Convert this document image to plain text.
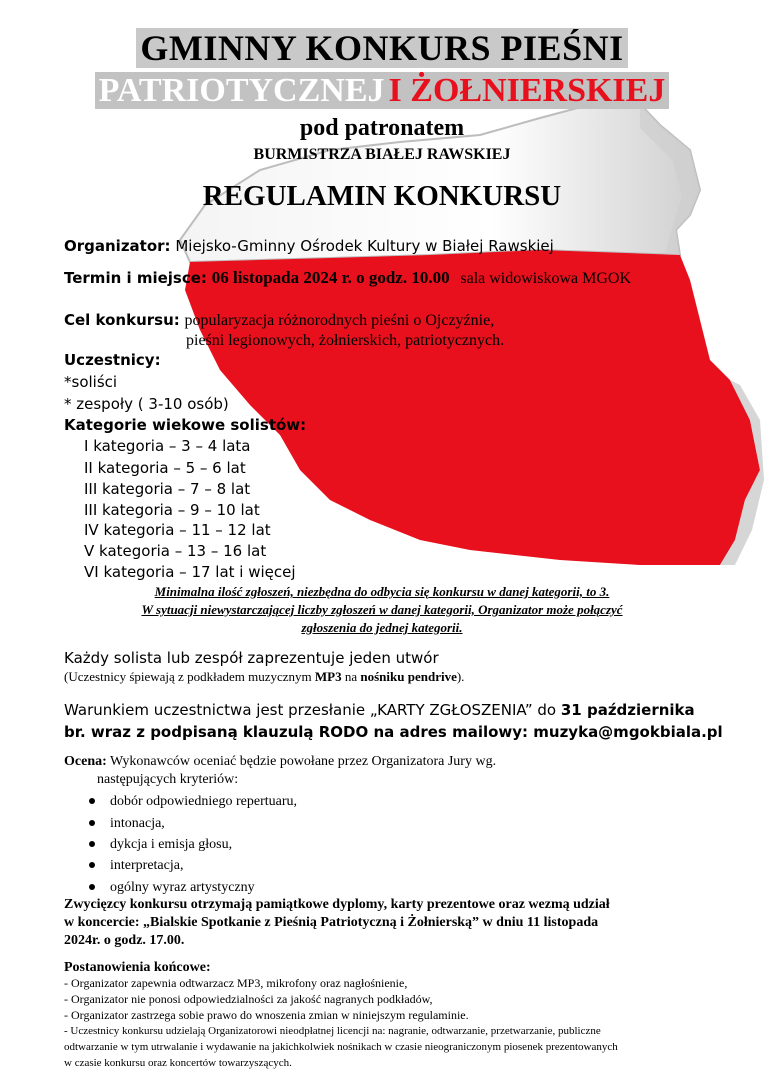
GMINNY KONKURS PIEŚNI
PATRIOTYCZNEJ I ŻOŁNIERSKIEJ
pod patronatem
BURMISTRZA BIAŁEJ RAWSKIEJ
REGULAMIN KONKURSU
Organizator: Miejsko-Gminny Ośrodek Kultury w Białej Rawskiej
Termin i miejsce: 06 listopada 2024 r. o godz. 10.00 sala widowiskowa MGOK
Cel konkursu: popularyzacja różnorodnych pieśni o Ojczyźnie,
pieśni legionowych, żołnierskich, patriotycznych.
Uczestnicy:
*soliści
* zespoły ( 3-10 osób)
Kategorie wiekowe solistów:
I kategoria – 3 – 4 lata
II kategoria – 5 – 6 lat
III kategoria – 7 – 8 lat
III kategoria – 9 – 10 lat
IV kategoria – 11 – 12 lat
V kategoria – 13 – 16 lat
VI kategoria – 17 lat i więcej
Minimalna ilość zgłoszeń, niezbędna do odbycia się konkursu w danej kategorii, to 3.
W sytuacji niewystarczającej liczby zgłoszeń w danej kategorii, Organizator może połączyć
zgłoszenia do jednej kategorii.
Każdy solista lub zespół zaprezentuje jeden utwór
(Uczestnicy śpiewają z podkładem muzycznym MP3 na nośniku pendrive).
Warunkiem uczestnictwa jest przesłanie „KARTY ZGŁOSZENIA” do 31 października
br. wraz z podpisaną klauzulą RODO na adres mailowy: muzyka@mgokbiala.pl
Ocena: Wykonawców oceniać będzie powołane przez Organizatora Jury wg.
następujących kryteriów:
dobór odpowiedniego repertuaru,
intonacja,
dykcja i emisja głosu,
interpretacja,
ogólny wyraz artystyczny
Zwycięzcy konkursu otrzymają pamiątkowe dyplomy, karty prezentowe oraz wezmą udział
w koncercie: „Bialskie Spotkanie z Pieśnią Patriotyczną i Żołnierską” w dniu 11 listopada
2024r. o godz. 17.00.
Postanowienia końcowe:
- Organizator zapewnia odtwarzacz MP3, mikrofony oraz nagłośnienie,
- Organizator nie ponosi odpowiedzialności za jakość nagranych podkładów,
- Organizator zastrzega sobie prawo do wnoszenia zmian w niniejszym regulaminie.
- Uczestnicy konkursu udzielają Organizatorowi nieodpłatnej licencji na: nagranie, odtwarzanie, przetwarzanie, publiczne
odtwarzanie w tym utrwalanie i wydawanie na jakichkolwiek nośnikach w czasie nieograniczonym piosenek prezentowanych
w czasie konkursu oraz koncertów towarzyszących.
